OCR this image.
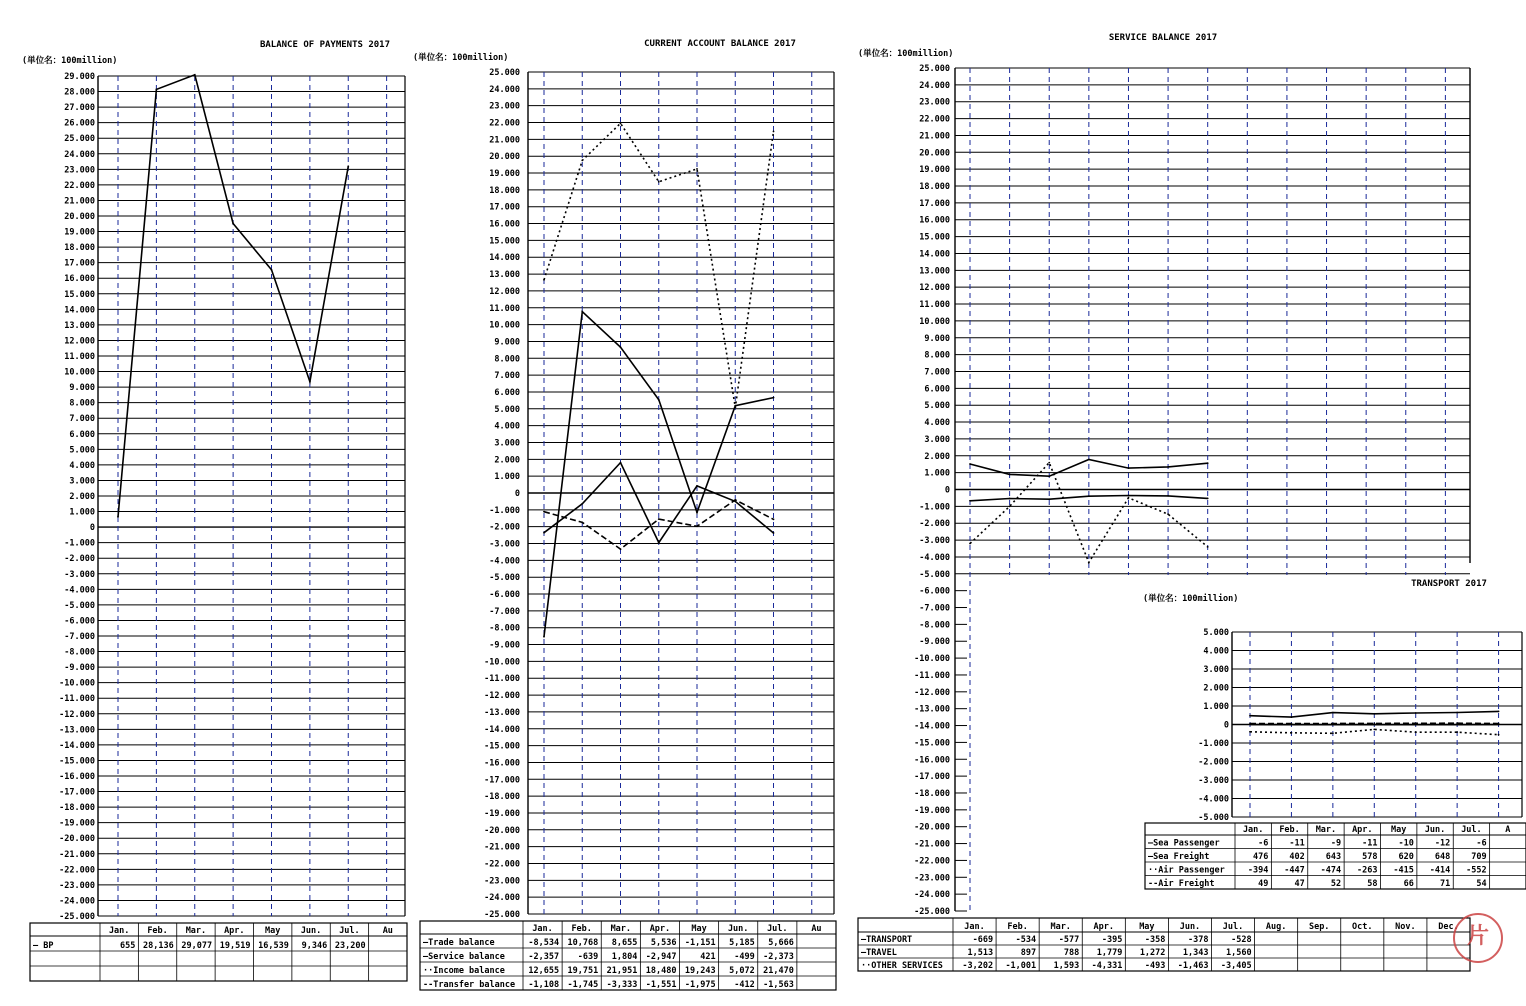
BALANCE OF PAYMENTS 2017
(単位名：100million)
-25.000
-24.000
-23.000
-22.000
-21.000
-20.000
-19.000
-18.000
-17.000
-16.000
-15.000
-14.000
-13.000
-12.000
-11.000
-10.000
-9.000
-8.000
-7.000
-6.000
-5.000
-4.000
-3.000
-2.000
-1.000
0
1.000
2.000
3.000
4.000
5.000
6.000
7.000
8.000
9.000
10.000
11.000
12.000
13.000
14.000
15.000
16.000
17.000
18.000
19.000
20.000
21.000
22.000
23.000
24.000
25.000
26.000
27.000
28.000
29.000
Jan. Feb. Mar. Apr. May Jun. Jul.	Au
— BP	655 28,136 29,077 19,519 16,539 9,346 23,200
CURRENT ACCOUNT BALANCE 2017
(単位名：100million)
-25.000
-24.000
-23.000
-22.000
-21.000
-20.000
-19.000
-18.000
-17.000
-16.000
-15.000
-14.000
-13.000
-12.000
-11.000
-10.000
-9.000
-8.000
-7.000
-6.000
-5.000
-4.000
-3.000
-2.000
-1.000
0
1.000
2.000
3.000
4.000
5.000
6.000
7.000
8.000
9.000
10.000
11.000
12.000
13.000
14.000
15.000
16.000
17.000
18.000
19.000
20.000
21.000
22.000
23.000
24.000
25.000
Jan. Feb. Mar. Apr. May Jun. Jul.	Au
—Trade balance	-8,534 10,768 8,655 5,536 -1,151 5,185 5,666
—Service balance	-2,357 -639 1,804 -2,947	421 -499 -2,373
··Income balance	12,655 19,751 21,951 18,480 19,243 5,072 21,470
--Transfer balance -1,108 -1,745 -3,333 -1,551 -1,975 -412 -1,563
SERVICE BALANCE 2017
(単位名：100million)
-25.000
-24.000
-23.000
-22.000
-21.000
-20.000
-19.000
-18.000
-17.000
-16.000
-15.000
-14.000
-13.000
-12.000
-11.000
-10.000
-9.000
-8.000
-7.000
-6.000
-5.000
-4.000
-3.000
-2.000
-1.000
0
1.000
2.000
3.000
4.000
5.000
6.000
7.000
8.000
9.000
10.000
11.000
12.000
13.000
14.000
15.000
16.000
17.000
18.000
19.000
20.000
21.000
22.000
23.000
24.000
25.000
Jan.	Feb.	Mar.	Apr.	May	Jun.	Jul.	Aug.	Sep.	Oct.	Nov.	Dec.
—TRANSPORT	-669	-534	-577	-395	-358	-378	-528
—TRAVEL	1,513	897	788 1,779 1,272 1,343 1,560
··OTHER SERVICES -3,202 -1,001 1,593 -4,331	-493 -1,463 -3,405
TRANSPORT 2017
(単位名：100million)
-5.000
-4.000
-3.000
-2.000
-1.000
0
1.000
2.000
3.000
4.000
5.000
Jan. Feb. Mar. Apr. May Jun. Jul.	A
—Sea Passenger	-6 -11	-9 -11 -10 -12	-6
—Sea Freight	476 402 643 578 620 648 709
··Air Passenger	-394 -447 -474 -263 -415 -414 -552
--Air Freight	49	47	52	58	66	71	54
片
